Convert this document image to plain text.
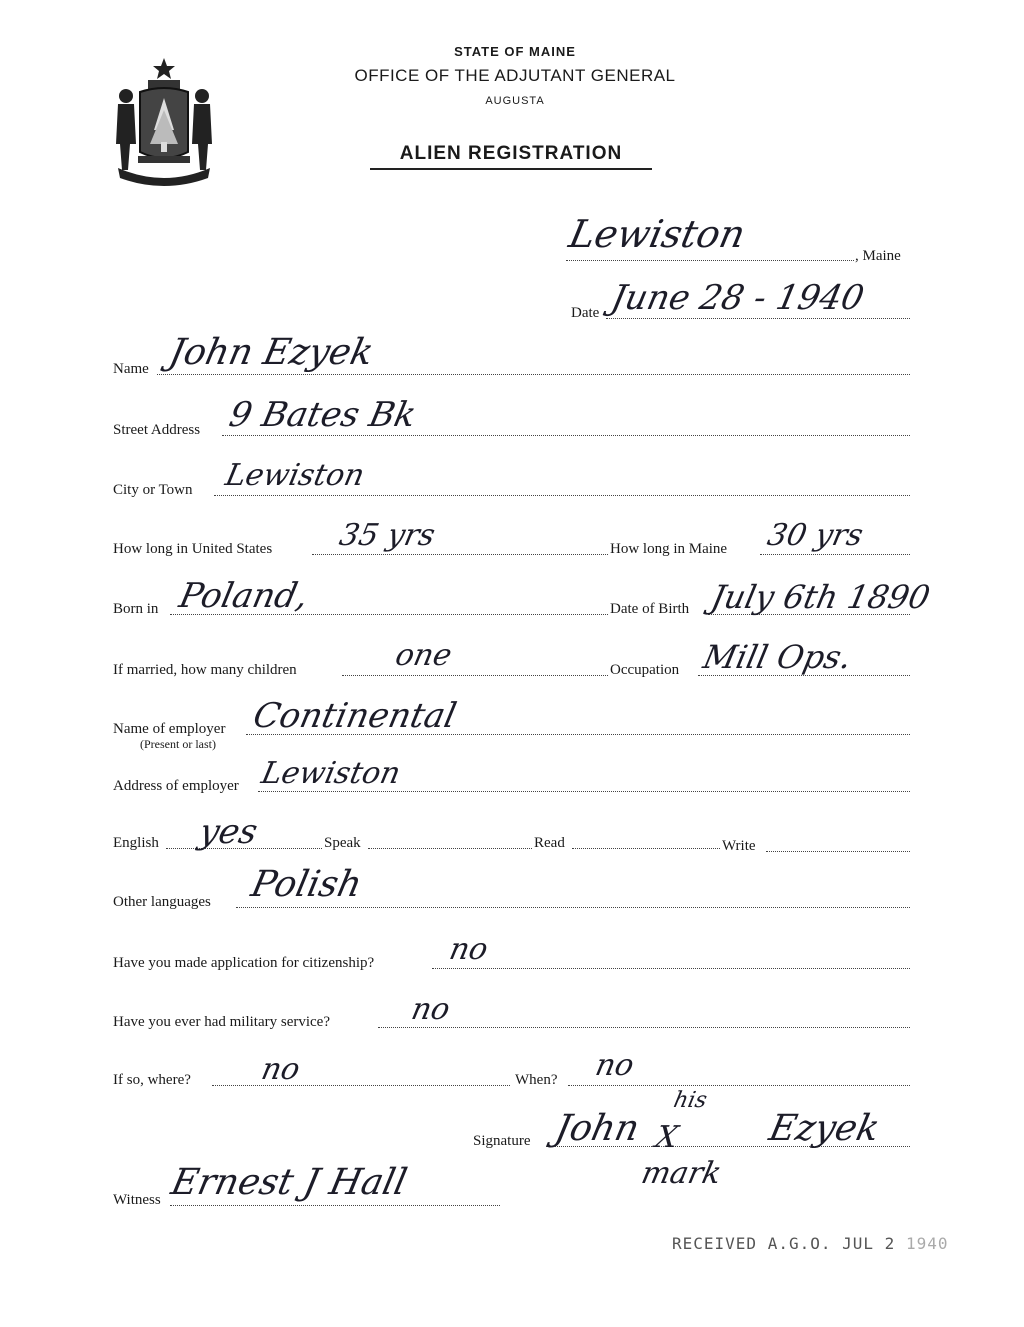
MAINE
STATE OF MAINE
OFFICE OF THE ADJUTANT GENERAL
AUGUSTA
ALIEN REGISTRATION
Lewiston	, Maine
Date June 28 - 1940
Name John Ezyek
Street Address 9 Bates Bk
City or Town Lewiston
How long in United States 35 yrs	How long in Maine 30 yrs
Born in Poland,	Date of Birth July 6th 1890
If married, how many children	one	Occupation Mill Ops.
Name of employer
(Present or last)
Continental
Address of employer Lewiston
English yes	Speak	Read	Write
Other languages Polish
Have you made application for citizenship? no
Have you ever had military service?	no
If so, where? no	When? no
Signature John
his
X
mark
Ezyek
Witness Ernest J Hall
RECEIVED A.G.O. JUL 2 1940
